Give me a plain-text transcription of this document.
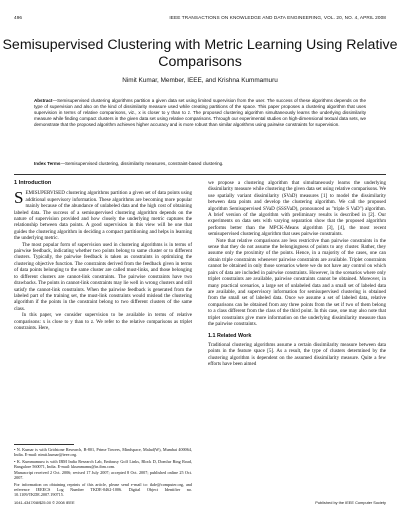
496	IEEE TRANSACTIONS ON KNOWLEDGE AND DATA ENGINEERING, VOL. 20, NO. 4, APRIL 2008
Semisupervised Clustering with Metric Learning Using Relative Comparisons
Nimit Kumar, Member, IEEE, and Krishna Kummamuru
Abstract—Semisupervised clustering algorithms partition a given data set using limited supervision from the user. The success of these algorithms depends on the type of supervision and also on the kind of dissimilarity measure used while creating partitions of the space. This paper proposes a clustering algorithm that uses supervision in terms of relative comparisons, viz., x is closer to y than to z. The proposed clustering algorithm simultaneously learns the underlying dissimilarity measure while finding compact clusters in the given data set using relative comparisons. Through our experimental studies on high-dimensional textual data sets, we demonstrate that the proposed algorithm achieves higher accuracy and is more robust than similar algorithms using pairwise constraints for supervision.
Index Terms—Semisupervised clustering, dissimilarity measures, constraint-based clustering.
1 Introduction

SEMISUPERVISED clustering algorithms partition a given set of data points using additional supervisory information. These algorithms are becoming more popular mainly because of the abundance of unlabeled data and the high cost of obtaining labeled data. The success of a semisupervised clustering algorithm depends on the nature of supervision provided and how closely the underlying metric captures the relationship between data points. A good supervision in this view will be one that guides the clustering algorithm in deciding a compact partitioning and helps in learning the underlying metric.

The most popular form of supervision used in clustering algorithms is in terms of pairwise feedback, indicating whether two points belong to same cluster or to different clusters. Typically, the pairwise feedback is taken as constraints in optimizing the clustering objective function. The constraints derived from the feedback given in terms of data points belonging to the same cluster are called must-links, and those belonging to different clusters are cannot-link constraints. The pairwise constraints have two drawbacks. The points in cannot-link constraints may lie well in wrong clusters and still satisfy the cannot-link constraints. When the pairwise feedback is generated from the labeled part of the training set, the must-link constraints would mislead the clustering algorithm if the points in the constraint belong to two different clusters of the same class.

In this paper, we consider supervision to be available in terms of relative comparisons: x is close to y than to z. We refer to the relative comparisons as triplet constraints. Here,

we propose a clustering algorithm that simultaneously learns the underlying dissimilarity measure while clustering the given data set using relative comparisons. We use spatially variant dissimilarity (SVaD) measures [1] to model the dissimilarity between data points and develop the clustering algorithm. We call the proposed algorithm Semisupervised SVaD (SSSVaD), pronounced as "triple S VaD") algorithm. A brief version of the algorithm with preliminary results is described in [2]. Our experiments on data sets with varying separation show that the proposed algorithm performs better than the MPCK-Means algorithm [3], [4], the most recent semisupervised clustering algorithm that uses pairwise constraints.

Note that relative comparisons are less restrictive than pairwise constraints in the sense that they do not assume the belongingness of points to any cluster. Rather, they assume only the proximity of the points. Hence, in a majority of the cases, one can obtain triple constraints whenever pairwise constraints are available. Triplet constraints cannot be obtained in only those scenarios where we do not have any control on which pairs of data are included in pairwise constraints. However, in the scenarios where only triplet constraints are available, pairwise constraints cannot be obtained. Moreover, in many practical scenarios, a large set of unlabeled data and a small set of labeled data are available, and supervisory information for semisupervised clustering is obtained from the small set of labeled data. Once we assume a set of labeled data, relative comparisons can be obtained from any three points from the set if two of them belong to a class different from the class of the third point. In this case, one may also note that triplet constraints give more information on the underlying dissimilarity measure than the pairwise constraints.

1.1 Related Work

Traditional clustering algorithms assume a certain dissimilarity measure between data points in the feature space [5]. As a result, the type of clusters determined by the clustering algorithm is dependent on the assumed dissimilarity measure. Quite a few efforts have been aimed

• N. Kumar is with Gridstone Research, B-801, Prime Towers, Mindspace, Malad(W), Mumbai 400064, India. E-mail: nimit.kumar@ieee.org.

• K. Kummamuru is with IBM India Research Lab, Embassy Golf Links, Block D, Domlur Ring Road, Bangalore 560071, India. E-mail: kkummamu@in.ibm.com.

Manuscript received 2 Oct. 2006; revised 17 July 2007; accepted 8 Oct. 2007; published online 25 Oct. 2007.

For information on obtaining reprints of this article, please send e-mail to: tkde@computer.org, and reference IEEECS Log Number TKDE-0462-1006. Digital Object Identifier no. 10.1109/TKDE.2007.190715.

1041-4347/08/$25.00 © 2008 IEEE	Published by the IEEE Computer Society
